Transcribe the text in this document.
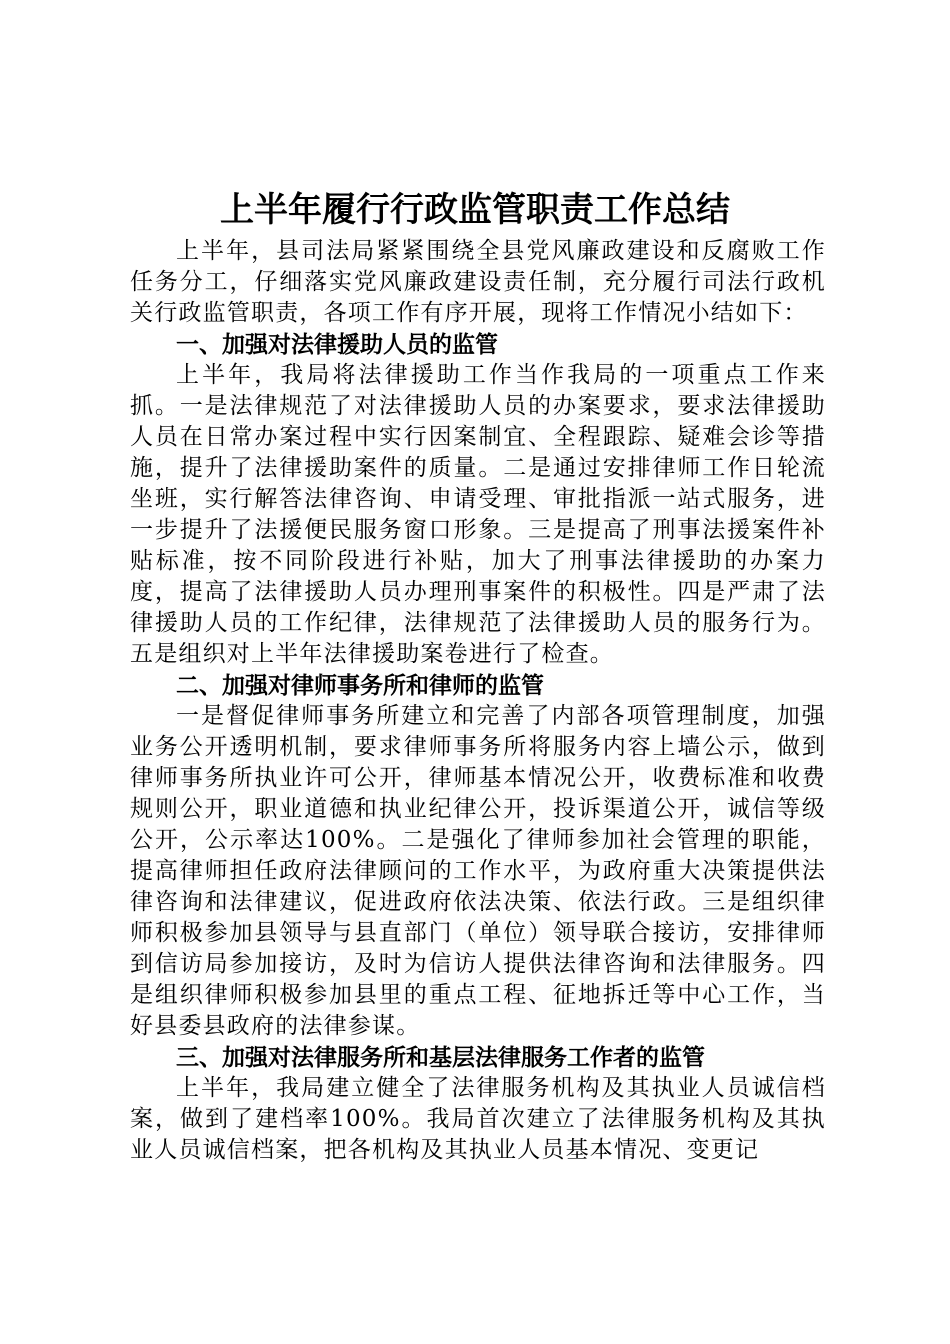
上半年履行行政监管职责工作总结

上半年，县司法局紧紧围绕全县党风廉政建设和反腐败工作任务分工，仔细落实党风廉政建设责任制，充分履行司法行政机关行政监管职责，各项工作有序开展，现将工作情况小结如下：

一、加强对法律援助人员的监管

上半年，我局将法律援助工作当作我局的一项重点工作来抓。一是法律规范了对法律援助人员的办案要求，要求法律援助人员在日常办案过程中实行因案制宜、全程跟踪、疑难会诊等措施，提升了法律援助案件的质量。二是通过安排律师工作日轮流坐班，实行解答法律咨询、申请受理、审批指派一站式服务，进一步提升了法援便民服务窗口形象。三是提高了刑事法援案件补贴标准，按不同阶段进行补贴，加大了刑事法律援助的办案力度，提高了法律援助人员办理刑事案件的积极性。四是严肃了法律援助人员的工作纪律，法律规范了法律援助人员的服务行为。五是组织对上半年法律援助案卷进行了检查。

二、加强对律师事务所和律师的监管

一是督促律师事务所建立和完善了内部各项管理制度，加强业务公开透明机制，要求律师事务所将服务内容上墙公示，做到律师事务所执业许可公开，律师基本情况公开，收费标准和收费规则公开，职业道德和执业纪律公开，投诉渠道公开，诚信等级公开，公示率达100%。二是强化了律师参加社会管理的职能，提高律师担任政府法律顾问的工作水平，为政府重大决策提供法律咨询和法律建议，促进政府依法决策、依法行政。三是组织律师积极参加县领导与县直部门（单位）领导联合接访，安排律师到信访局参加接访，及时为信访人提供法律咨询和法律服务。四是组织律师积极参加县里的重点工程、征地拆迁等中心工作，当好县委县政府的法律参谋。

三、加强对法律服务所和基层法律服务工作者的监管

上半年，我局建立健全了法律服务机构及其执业人员诚信档案，做到了建档率100%。我局首次建立了法律服务机构及其执业人员诚信档案，把各机构及其执业人员基本情况、变更记
